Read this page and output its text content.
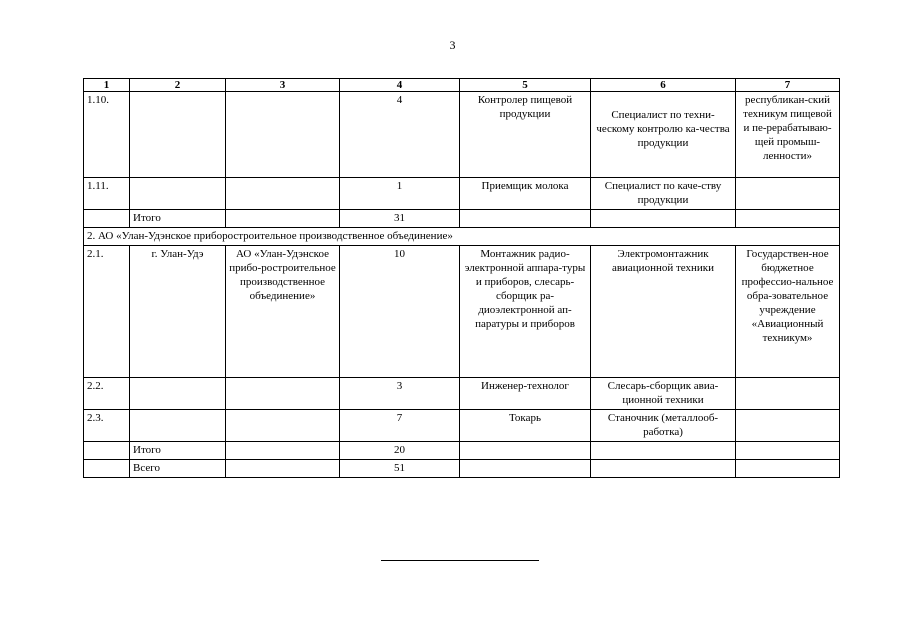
3
1	2	3	4	5	6	7
1.10.			4	Контролер пищевой продукции	Специалист по техни-ческому контролю ка-чества продукции	республикан-ский техникум пищевой и пе-рерабатываю-щей промыш-ленности»
1.11.			1	Приемщик молока	Специалист по каче-ству продукции	
	Итого		31			
2. АО «Улан-Удэнское приборостроительное производственное объединение»						
2.1.	г. Улан-Удэ	АО «Улан-Удэнское прибо-ростроительное производственное объединение»	10	Монтажник радио-электронной аппара-туры и приборов, слесарь-сборщик ра-диоэлектронной ап-паратуры и приборов	Электромонтажник авиационной техники	Государствен-ное бюджетное профессио-нальное обра-зовательное учреждение «Авиационный техникум»
2.2.			3	Инженер-технолог	Слесарь-сборщик авиа-ционной техники	
2.3.			7	Токарь	Станочник (металлооб-работка)	
	Итого		20			
	Всего		51			
